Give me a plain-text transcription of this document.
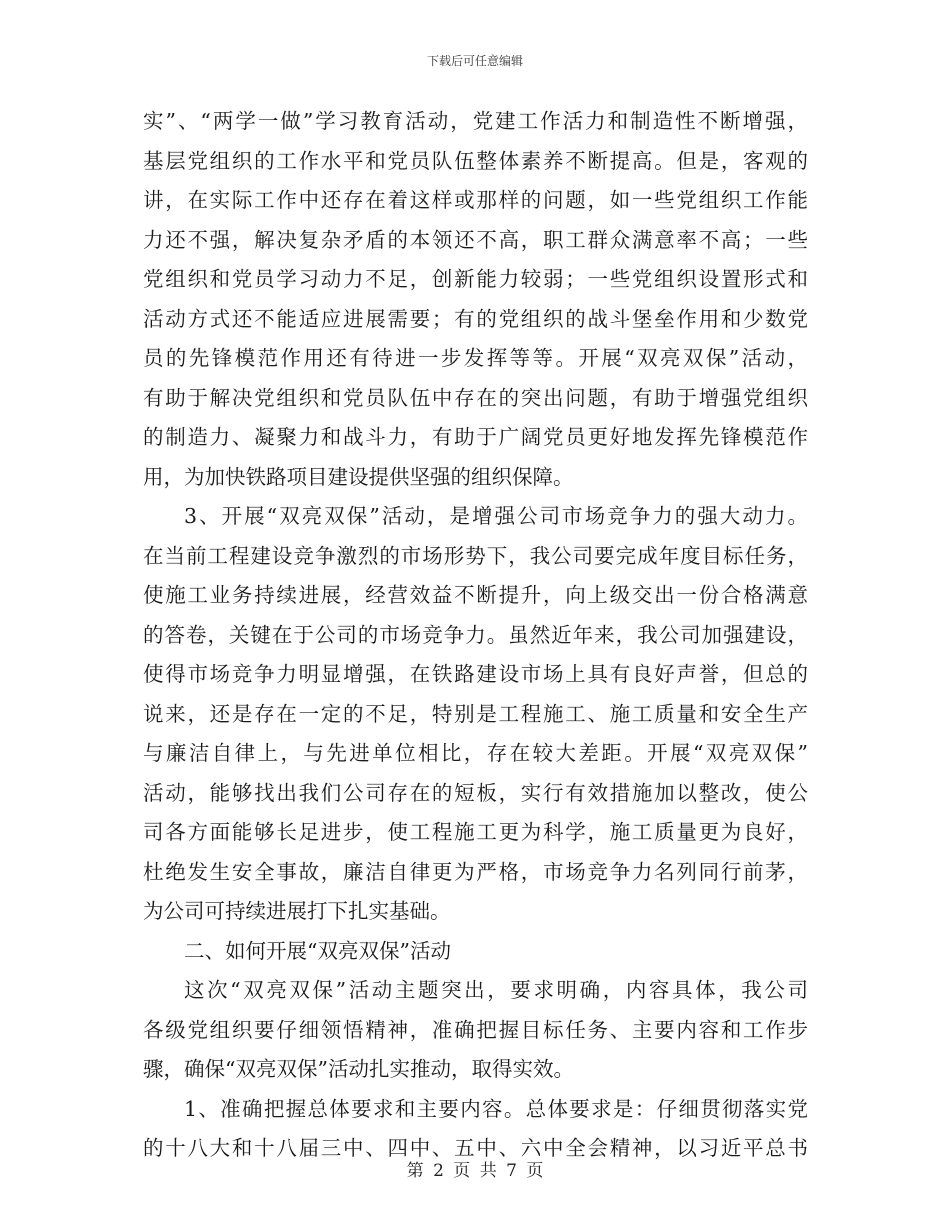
下载后可任意编辑
实”、“两学一做”学习教育活动，党建工作活力和制造性不断增强，
基层党组织的工作水平和党员队伍整体素养不断提高。但是，客观的
讲，在实际工作中还存在着这样或那样的问题，如一些党组织工作能
力还不强，解决复杂矛盾的本领还不高，职工群众满意率不高；一些
党组织和党员学习动力不足，创新能力较弱；一些党组织设置形式和
活动方式还不能适应进展需要；有的党组织的战斗堡垒作用和少数党
员的先锋模范作用还有待进一步发挥等等。开展“双亮双保”活动，
有助于解决党组织和党员队伍中存在的突出问题，有助于增强党组织
的制造力、凝聚力和战斗力，有助于广阔党员更好地发挥先锋模范作
用，为加快铁路项目建设提供坚强的组织保障。
3、开展“双亮双保”活动，是增强公司市场竞争力的强大动力。
在当前工程建设竞争激烈的市场形势下，我公司要完成年度目标任务，
使施工业务持续进展，经营效益不断提升，向上级交出一份合格满意
的答卷，关键在于公司的市场竞争力。虽然近年来，我公司加强建设，
使得市场竞争力明显增强，在铁路建设市场上具有良好声誉，但总的
说来，还是存在一定的不足，特别是工程施工、施工质量和安全生产
与廉洁自律上，与先进单位相比，存在较大差距。开展“双亮双保”
活动，能够找出我们公司存在的短板，实行有效措施加以整改，使公
司各方面能够长足进步，使工程施工更为科学，施工质量更为良好，
杜绝发生安全事故，廉洁自律更为严格，市场竞争力名列同行前茅，
为公司可持续进展打下扎实基础。
二、如何开展“双亮双保”活动
这次“双亮双保”活动主题突出，要求明确，内容具体，我公司
各级党组织要仔细领悟精神，准确把握目标任务、主要内容和工作步
骤，确保“双亮双保”活动扎实推动，取得实效。
1、准确把握总体要求和主要内容。总体要求是：仔细贯彻落实党
的十八大和十八届三中、四中、五中、六中全会精神，以习近平总书
第 2 页 共 7 页
